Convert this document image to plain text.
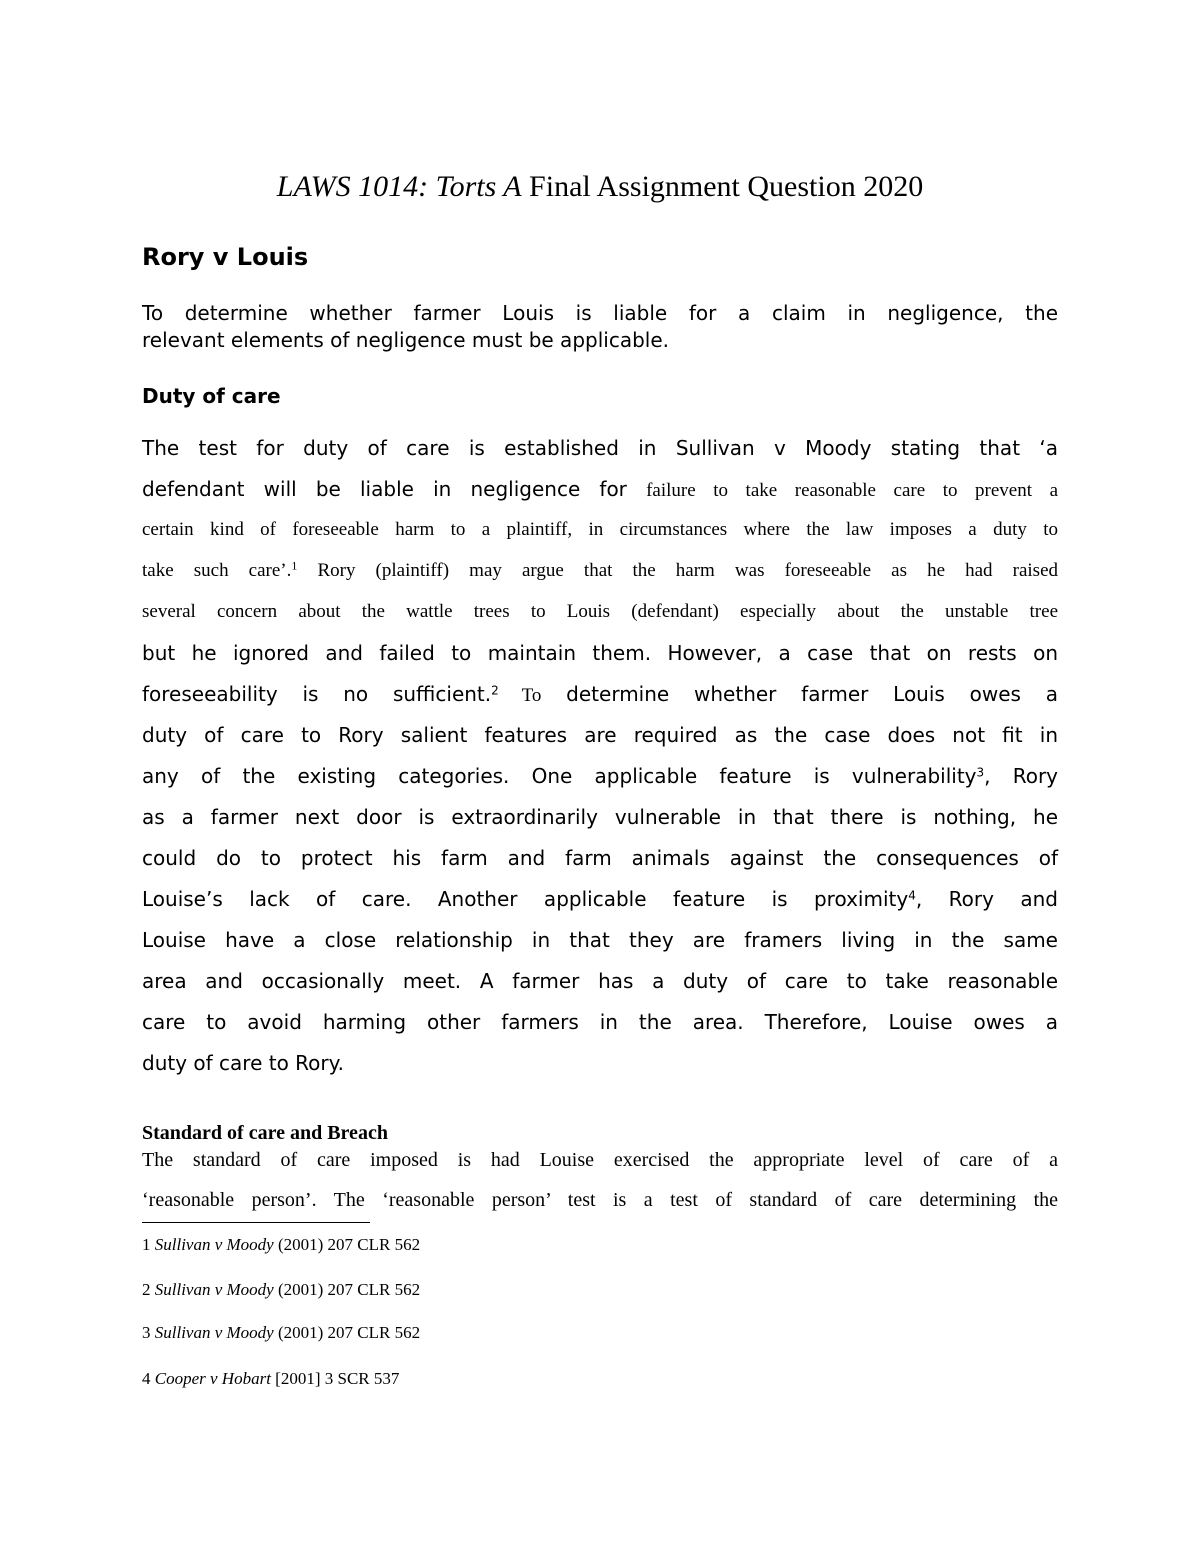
LAWS 1014: Torts A Final Assignment Question 2020
Rory v Louis
To determine whether farmer Louis is liable for a claim in negligence, the
relevant elements of negligence must be applicable.
Duty of care
The test for duty of care is established in Sullivan v Moody stating that ‘a
defendant will be liable in negligence for failure to take reasonable care to prevent a
certain kind of foreseeable harm to a plaintiff, in circumstances where the law imposes a duty to
take such care’.$^1$ Rory (plaintiff) may argue that the harm was foreseeable as he had raised
several concern about the wattle trees to Louis (defendant) especially about the unstable tree
but he ignored and failed to maintain them. However, a case that on rests on
foreseeability is no sufficient.$^2$ To determine whether farmer Louis owes a
duty of care to Rory salient features are required as the case does not fit in
any of the existing categories. One applicable feature is vulnerability$^3$, Rory
as a farmer next door is extraordinarily vulnerable in that there is nothing, he
could do to protect his farm and farm animals against the consequences of
Louise’s lack of care. Another applicable feature is proximity$^4$, Rory and
Louise have a close relationship in that they are framers living in the same
area and occasionally meet. A farmer has a duty of care to take reasonable
care to avoid harming other farmers in the area. Therefore, Louise owes a
duty of care to Rory.
Standard of care and Breach
The standard of care imposed is had Louise exercised the appropriate level of care of a
‘reasonable person’. The ‘reasonable person’ test is a test of standard of care determining the
1 Sullivan v Moody (2001) 207 CLR 562
2 Sullivan v Moody (2001) 207 CLR 562
3 Sullivan v Moody (2001) 207 CLR 562
4 Cooper v Hobart [2001] 3 SCR 537
